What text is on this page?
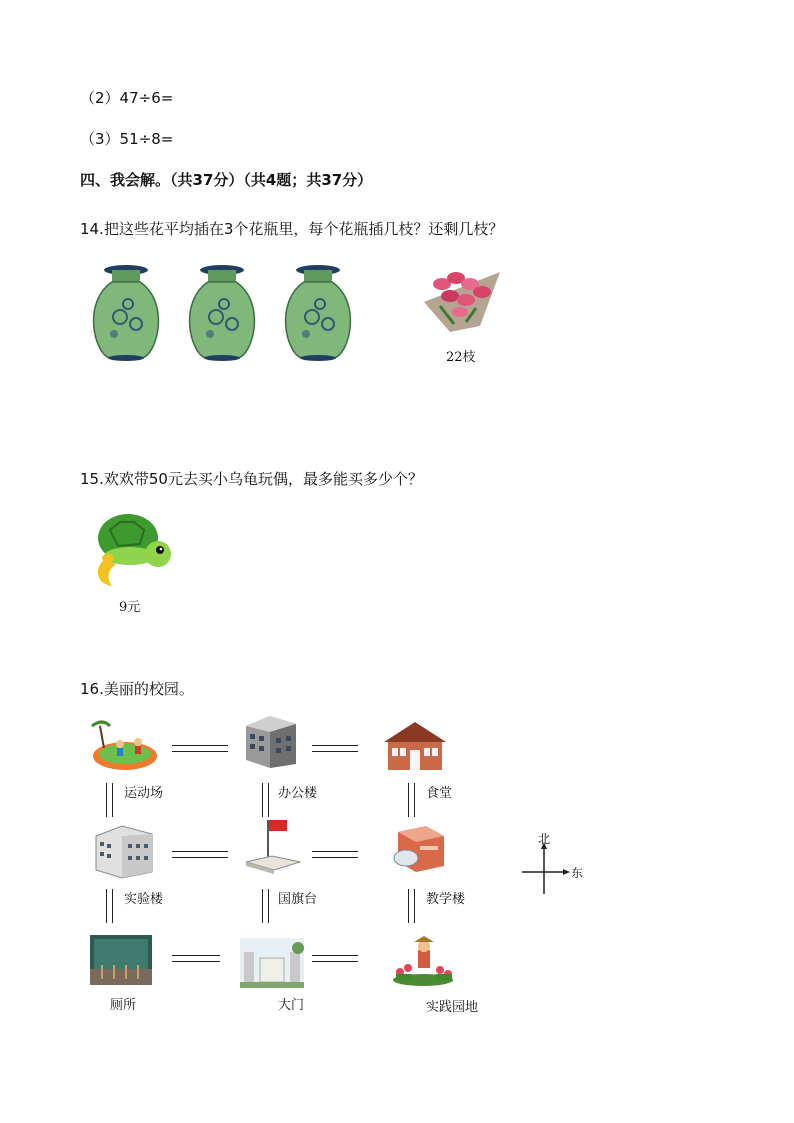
（2）47÷6=
（3）51÷8=
四、我会解。（共37分）（共4题；共37分）
14.把这些花平均插在3个花瓶里，每个花瓶插几枝？还剩几枝？
22枝
15.欢欢带50元去买小乌龟玩偶，最多能买多少个？
9元
16.美丽的校园。
运动场	办公楼	食堂
实验楼	国旗台	教学楼
厕所	大门	实践园地
北
东
